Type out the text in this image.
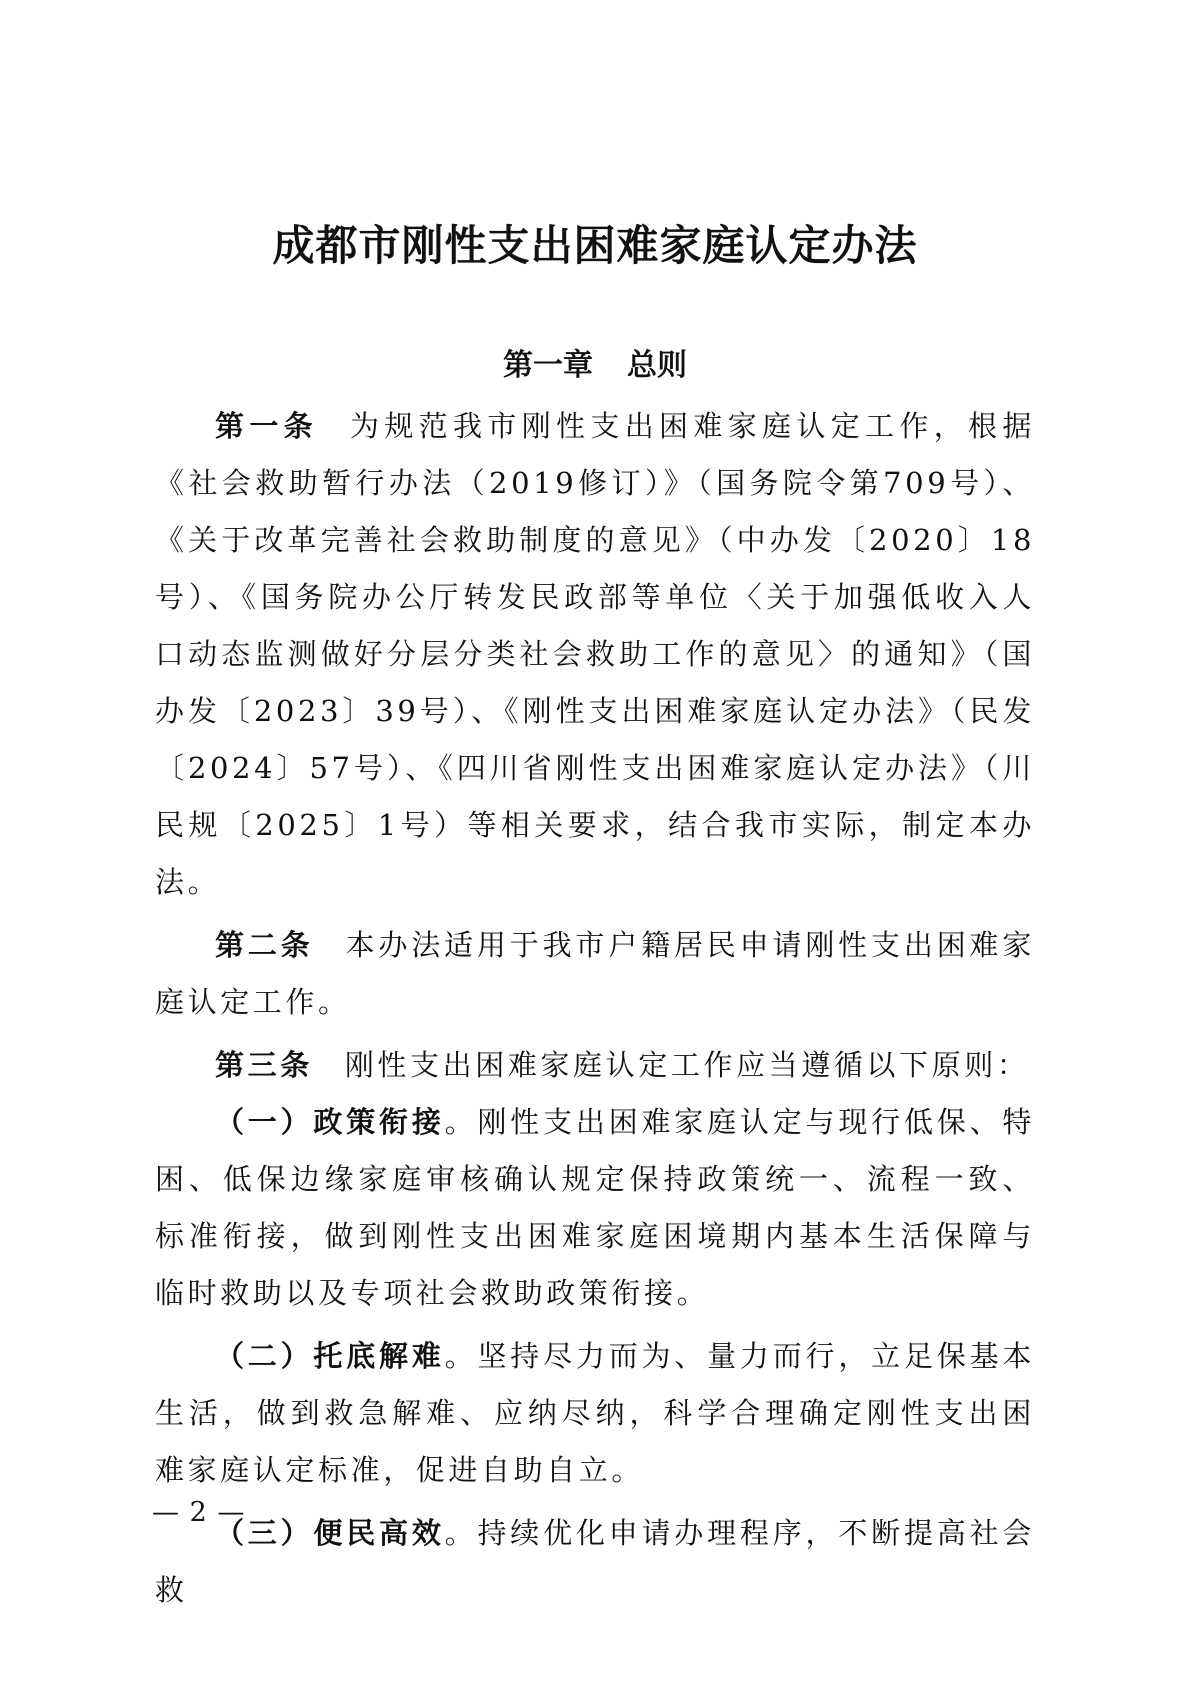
成都市刚性支出困难家庭认定办法
第一章 总则

第一条 为规范我市刚性支出困难家庭认定工作，根据《社会救助暂行办法（2019修订）》（国务院令第709号）、《关于改革完善社会救助制度的意见》（中办发〔2020〕18号）、《国务院办公厅转发民政部等单位〈关于加强低收入人口动态监测做好分层分类社会救助工作的意见〉的通知》（国办发〔2023〕39号）、《刚性支出困难家庭认定办法》（民发〔2024〕57号）、《四川省刚性支出困难家庭认定办法》（川民规〔2025〕1号）等相关要求，结合我市实际，制定本办法。

第二条 本办法适用于我市户籍居民申请刚性支出困难家庭认定工作。

第三条 刚性支出困难家庭认定工作应当遵循以下原则：

（一）政策衔接。刚性支出困难家庭认定与现行低保、特困、低保边缘家庭审核确认规定保持政策统一、流程一致、标准衔接，做到刚性支出困难家庭困境期内基本生活保障与临时救助以及专项社会救助政策衔接。

（二）托底解难。坚持尽力而为、量力而行，立足保基本生活，做到救急解难、应纳尽纳，科学合理确定刚性支出困难家庭认定标准，促进自助自立。

（三）便民高效。持续优化申请办理程序，不断提高社会救

— 2 —
